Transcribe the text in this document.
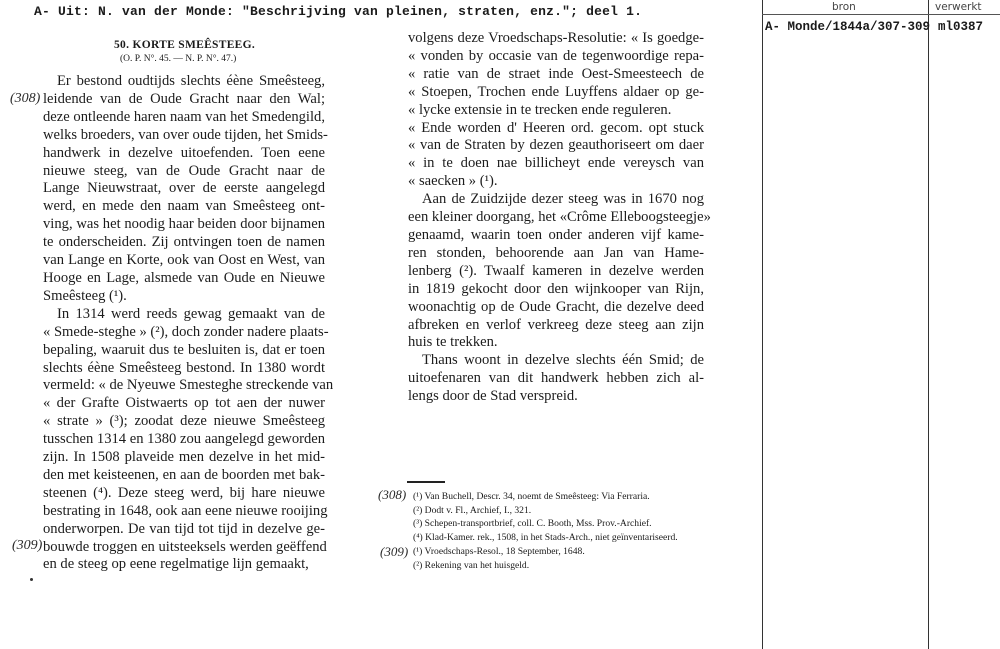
A- Uit: N. van der Monde: "Beschrijving van pleinen, straten, enz."; deel 1.
50. KORTE SMEÊSTEEG.
(O. P. N°. 45. — N. P. N°. 47.)
(308)
(309)
Er bestond oudtijds slechts éène Smeêsteeg,
leidende van de Oude Gracht naar den Wal;
deze ontleende haren naam van het Smedengild,
welks broeders, van over oude tijden, het Smids-
handwerk in dezelve uitoefenden. Toen eene
nieuwe steeg, van de Oude Gracht naar de
Lange Nieuwstraat, over de eerste aangelegd
werd, en mede den naam van Smeêsteeg ont-
ving, was het noodig haar beiden door bijnamen
te onderscheiden. Zij ontvingen toen de namen
van Lange en Korte, ook van Oost en West, van
Hooge en Lage, alsmede van Oude en Nieuwe
Smeêsteeg (¹).
In 1314 werd reeds gewag gemaakt van de
« Smede-steghe » (²), doch zonder nadere plaats-
bepaling, waaruit dus te besluiten is, dat er toen
slechts éène Smeêsteeg bestond. In 1380 wordt
vermeld: « de Nyeuwe Smesteghe streckende van
« der Grafte Oistwaerts op tot aen der nuwer
« strate » (³); zoodat deze nieuwe Smeêsteeg
tusschen 1314 en 1380 zou aangelegd geworden
zijn. In 1508 plaveide men dezelve in het mid-
den met keisteenen, en aan de boorden met bak-
steenen (⁴). Deze steeg werd, bij hare nieuwe
bestrating in 1648, ook aan eene nieuwe rooijing
onderworpen. De van tijd tot tijd in dezelve ge-
bouwde troggen en uitsteeksels werden geëffend
en de steeg op eene regelmatige lijn gemaakt,
volgens deze Vroedschaps-Resolutie: « Is goedge-
« vonden by occasie van de tegenwoordige repa-
« ratie van de straet inde Oest-Smeesteech de
« Stoepen, Trochen ende Luyffens aldaer op ge-
« lycke extensie in te trecken ende reguleren.
« Ende worden d' Heeren ord. gecom. opt stuck
« van de Straten by dezen geauthoriseert om daer
« in te doen nae billicheyt ende vereysch van
« saecken » (¹).
Aan de Zuidzijde dezer steeg was in 1670 nog
een kleiner doorgang, het «Crôme Elleboogsteegje»
genaamd, waarin toen onder anderen vijf kame-
ren stonden, behoorende aan Jan van Hame-
lenberg (²). Twaalf kameren in dezelve werden
in 1819 gekocht door den wijnkooper van Rijn,
woonachtig op de Oude Gracht, die dezelve deed
afbreken en verlof verkreeg deze steeg aan zijn
huis te trekken.
Thans woont in dezelve slechts één Smid; de
uitoefenaren van dit handwerk hebben zich al-
lengs door de Stad verspreid.
(308)
(309)
(¹) Van Buchell, Descr. 34, noemt de Smeêsteeg: Via Ferraria.
(²) Dodt v. Fl., Archief, I., 321.
(³) Schepen-transportbrief, coll. C. Booth, Mss. Prov.-Archief.
(⁴) Klad-Kamer. rek., 1508, in het Stads-Arch., niet geïnventariseerd.
(¹) Vroedschaps-Resol., 18 September, 1648.
(²) Rekening van het huisgeld.
bron	verwerkt
A- Monde/1844a/307-309 ml0387
